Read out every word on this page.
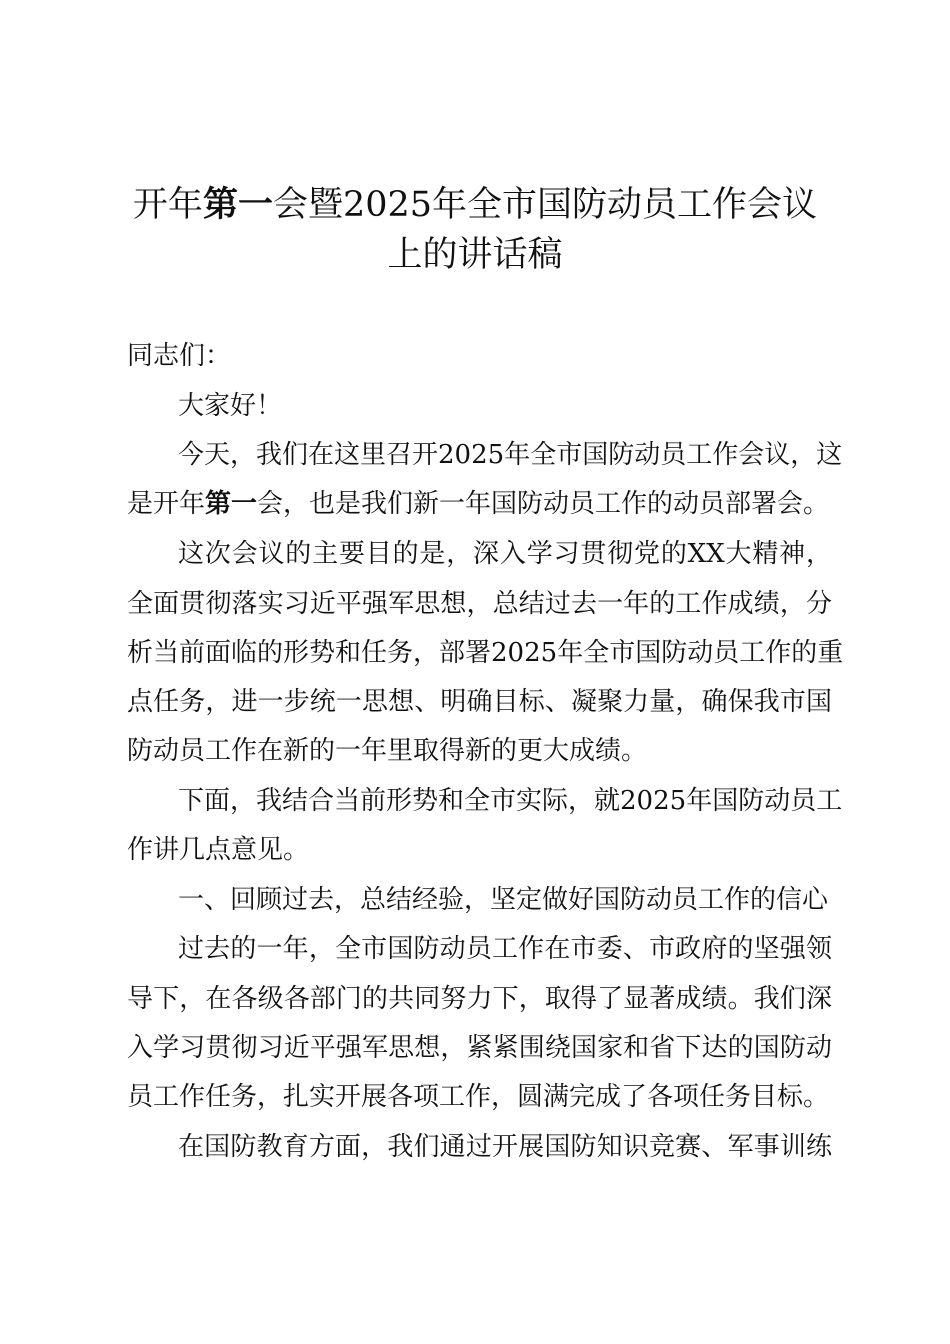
开年第一会暨2025年全市国防动员工作会议
上的讲话稿
同志们：
大家好！
今天，我们在这里召开2025年全市国防动员工作会议，这
是开年第一会，也是我们新一年国防动员工作的动员部署会。
这次会议的主要目的是，深入学习贯彻党的XX大精神，
全面贯彻落实习近平强军思想，总结过去一年的工作成绩，分
析当前面临的形势和任务，部署2025年全市国防动员工作的重
点任务，进一步统一思想、明确目标、凝聚力量，确保我市国
防动员工作在新的一年里取得新的更大成绩。
下面，我结合当前形势和全市实际，就2025年国防动员工
作讲几点意见。
一、回顾过去，总结经验，坚定做好国防动员工作的信心
过去的一年，全市国防动员工作在市委、市政府的坚强领
导下，在各级各部门的共同努力下，取得了显著成绩。我们深
入学习贯彻习近平强军思想，紧紧围绕国家和省下达的国防动
员工作任务，扎实开展各项工作，圆满完成了各项任务目标。
在国防教育方面，我们通过开展国防知识竞赛、军事训练
